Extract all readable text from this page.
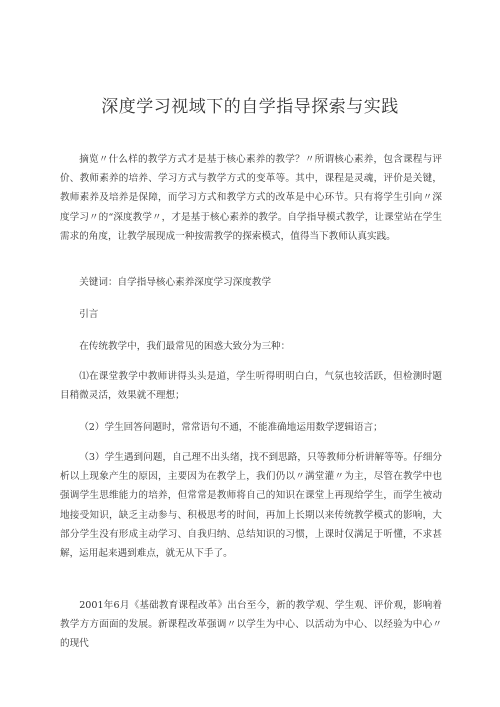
深度学习视域下的自学指导探索与实践
摘览〃什么样的教学方式才是基于核心素养的教学？〃所谓核心素养，包含课程与评价、教师素养的培养、学习方式与教学方式的变革等。其中，课程是灵魂，评价是关键，教师素养及培养是保障，而学习方式和教学方式的改革是中心环节。只有将学生引向〃深度学习〃的“深度教学〃，才是基于核心素养的教学。自学指导模式教学，让课堂站在学生需求的角度，让教学展现成一种按需教学的探索模式，值得当下教师认真实践。
关键词：自学指导核心素养深度学习深度教学
引言
在传统教学中，我们最常见的困惑大致分为三种：
⑴在课堂教学中教师讲得头头是道，学生听得明明白白，气氛也较活跃，但检测时题目稍微灵活，效果就不理想；
（2）学生回答问题时，常常语句不通，不能准确地运用数学逻辑语言；
（3）学生遇到问题，自己理不出头绪，找不到思路，只等教师分析讲解等等。仔细分析以上现象产生的原因，主要因为在教学上，我们仍以〃满堂灌〃为主，尽管在教学中也强调学生思维能力的培养，但常常是教师将自己的知识在课堂上再现给学生，而学生被动地接受知识，缺乏主动参与、积极思考的时间，再加上长期以来传统教学模式的影响，大部分学生没有形成主动学习、自我归纳、总结知识的习惯，上课时仅满足于听懂，不求甚解，运用起来遇到难点，就无从下手了。
2001年6月《基础教育课程改革》出台至今，新的教学观、学生观、评价观，影响着教学方方面面的发展。新课程改革强调〃以学生为中心、以活动为中心、以经验为中心〃的现代
